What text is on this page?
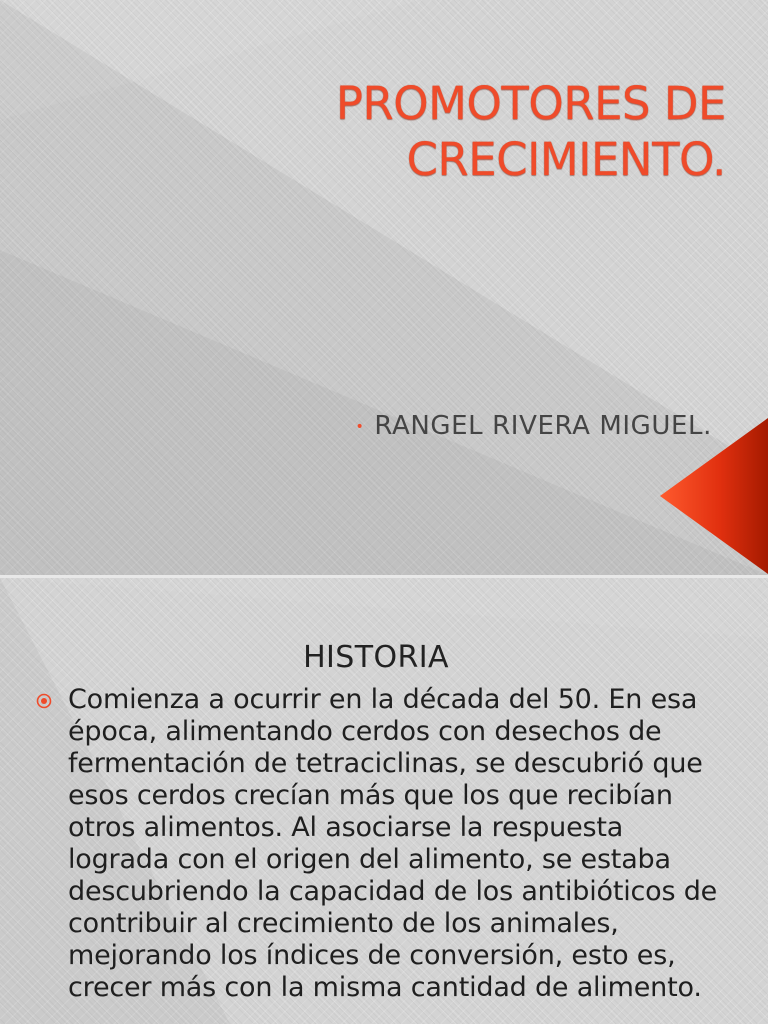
PROMOTORES DE
CRECIMIENTO.
• RANGEL RIVERA MIGUEL.
HISTORIA
Comienza a ocurrir en la década del 50. En esa época, alimentando cerdos con desechos de fermentación de tetraciclinas, se descubrió que esos cerdos crecían más que los que recibían otros alimentos. Al asociarse la respuesta lograda con el origen del alimento, se estaba descubriendo la capacidad de los antibióticos de contribuir al crecimiento de los animales, mejorando los índices de conversión, esto es, crecer más con la misma cantidad de alimento.
